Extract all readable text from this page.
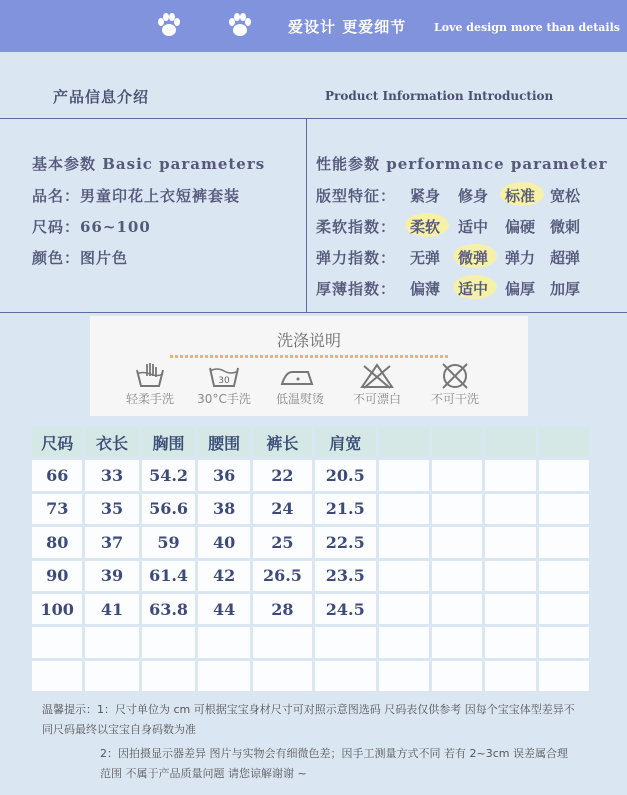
爱设计 更爱细节	Love design more than details
产品信息介绍	Product Information Introduction
基本参数 Basic parameters
品名：男童印花上衣短裤套装
尺码：66~100
颜色：图片色
性能参数 performance parameter
版型特征： 紧身 修身 标准 宽松
柔软指数： 柔软 适中 偏硬 微刺
弹力指数： 无弹 微弹 弹力 超弹
厚薄指数： 偏薄 适中 偏厚 加厚
洗涤说明
30
轻柔手洗	30°C手洗	低温熨烫	不可漂白	不可干洗
尺码	衣长	胸围	腰围	裤长	肩宽				
66	33	54.2	36	22	20.5				
73	35	56.6	38	24	21.5				
80	37	59	40	25	22.5				
90	39	61.4	42	26.5	23.5				
100	41	63.8	44	28	24.5				

温馨提示：1：尺寸单位为 cm 可根据宝宝身材尺寸可对照示意图选码 尺码表仅供参考 因每个宝宝体型差异不同尺码最终以宝宝自身码数为准
2：因拍摄显示器差异 图片与实物会有细微色差；因手工测量方式不同 若有 2~3cm 误差属合理范围 不属于产品质量问题 请您谅解谢谢 ~
